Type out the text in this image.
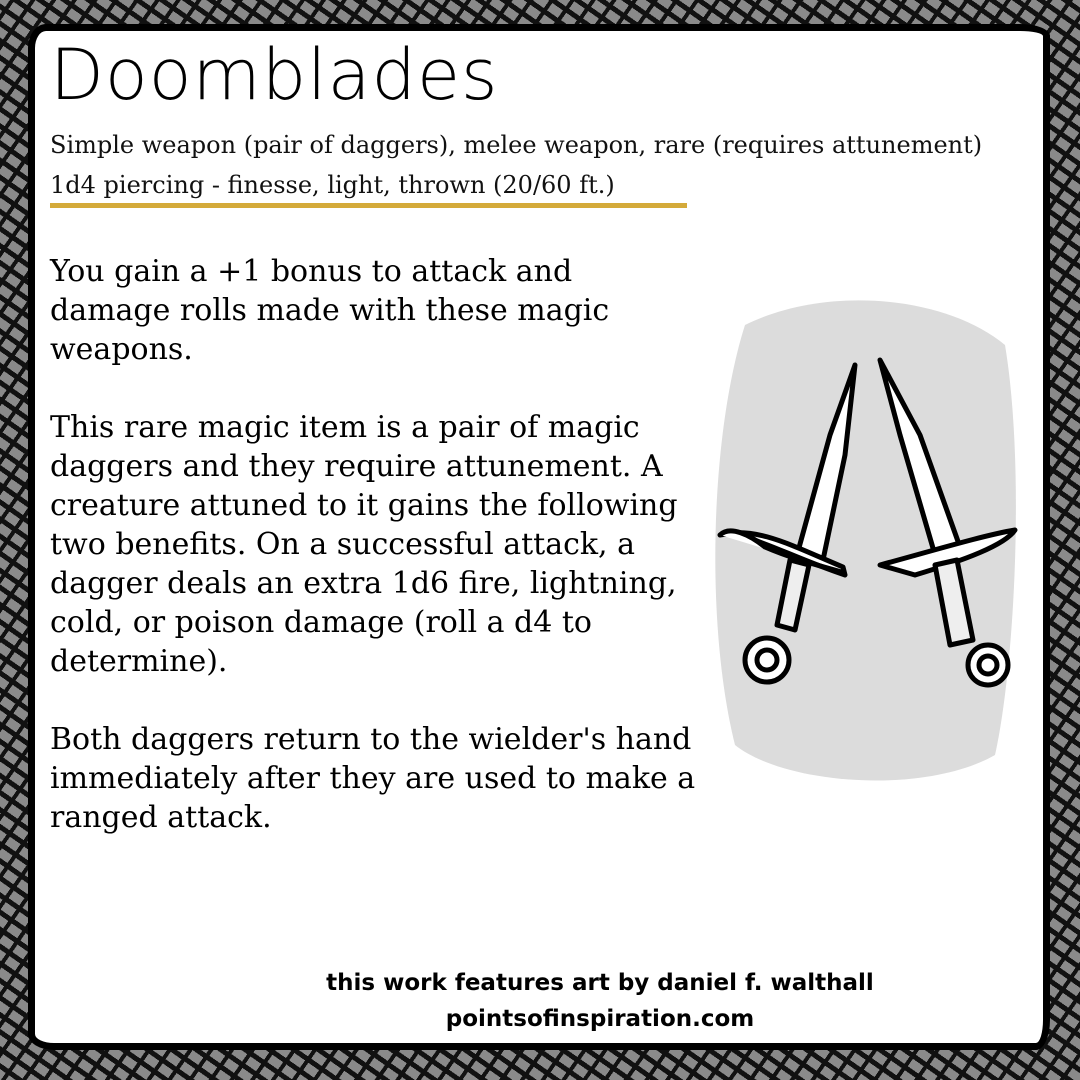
Doomblades
Simple weapon (pair of daggers), melee weapon, rare (requires attunement)
1d4 piercing - finesse, light, thrown (20/60 ft.)

You gain a +1 bonus to attack and damage rolls made with these magic weapons.

This rare magic item is a pair of magic daggers and they require attunement. A creature attuned to it gains the following two benefits. On a successful attack, a dagger deals an extra 1d6 fire, lightning, cold, or poison damage (roll a d4 to determine).

Both daggers return to the wielder's hand immediately after they are used to make a ranged attack.

this work features art by daniel f. walthall
pointsofinspiration.com
